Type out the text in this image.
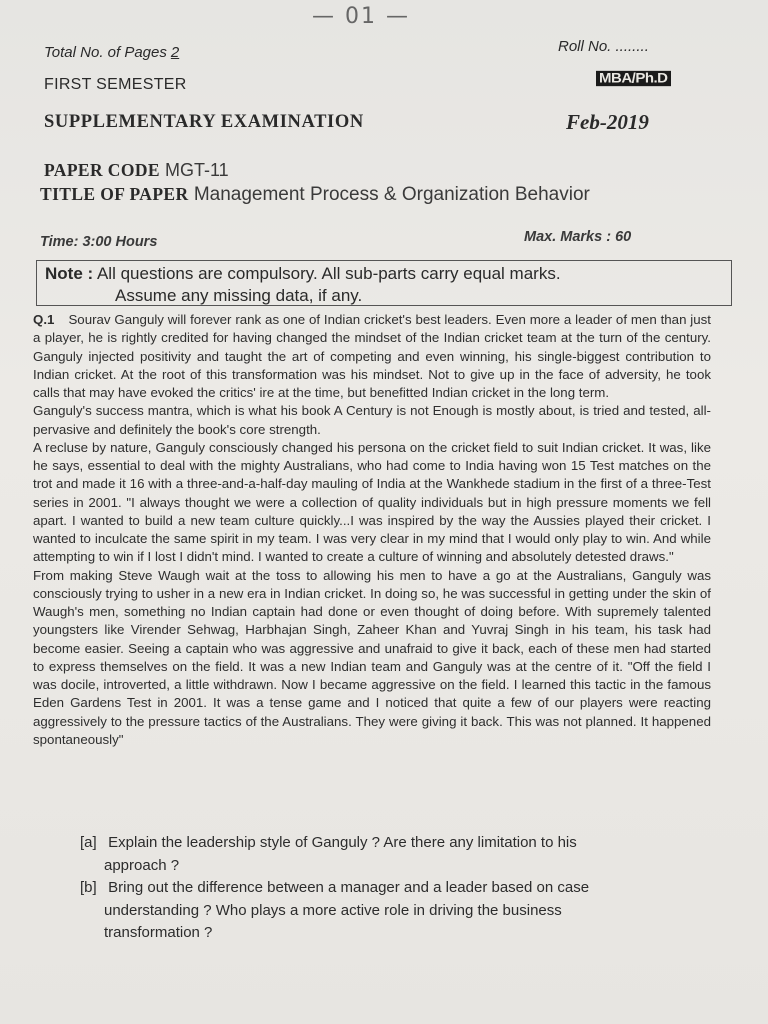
— 01 —
Total No. of Pages 2	Roll No. ........
FIRST SEMESTER	MBA/Ph.D
SUPPLEMENTARY EXAMINATION	Feb-2019
PAPER CODE MGT-11
TITLE OF PAPER Management Process & Organization Behavior
Time: 3:00 Hours	Max. Marks : 60
Note : All questions are compulsory. All sub-parts carry equal marks.
Assume any missing data, if any.

Q.1 Sourav Ganguly will forever rank as one of Indian cricket's best leaders. Even more a leader of men than just a player, he is rightly credited for having changed the mindset of the Indian cricket team at the turn of the century. Ganguly injected positivity and taught the art of competing and even winning, his single-biggest contribution to Indian cricket. At the root of this transformation was his mindset. Not to give up in the face of adversity, he took calls that may have evoked the critics' ire at the time, but benefitted Indian cricket in the long term.

Ganguly's success mantra, which is what his book A Century is not Enough is mostly about, is tried and tested, all-pervasive and definitely the book's core strength.

A recluse by nature, Ganguly consciously changed his persona on the cricket field to suit Indian cricket. It was, like he says, essential to deal with the mighty Australians, who had come to India having won 15 Test matches on the trot and made it 16 with a three-and-a-half-day mauling of India at the Wankhede stadium in the first of a three-Test series in 2001. "I always thought we were a collection of quality individuals but in high pressure moments we fell apart. I wanted to build a new team culture quickly...I was inspired by the way the Aussies played their cricket. I wanted to inculcate the same spirit in my team. I was very clear in my mind that I would only play to win. And while attempting to win if I lost I didn't mind. I wanted to create a culture of winning and absolutely detested draws."

From making Steve Waugh wait at the toss to allowing his men to have a go at the Australians, Ganguly was consciously trying to usher in a new era in Indian cricket. In doing so, he was successful in getting under the skin of Waugh's men, something no Indian captain had done or even thought of doing before. With supremely talented youngsters like Virender Sehwag, Harbhajan Singh, Zaheer Khan and Yuvraj Singh in his team, his task had become easier. Seeing a captain who was aggressive and unafraid to give it back, each of these men had started to express themselves on the field. It was a new Indian team and Ganguly was at the centre of it. "Off the field I was docile, introverted, a little withdrawn. Now I became aggressive on the field. I learned this tactic in the famous Eden Gardens Test in 2001. It was a tense game and I noticed that quite a few of our players were reacting aggressively to the pressure tactics of the Australians. They were giving it back. This was not planned. It happened spontaneously"

[a] Explain the leadership style of Ganguly ? Are there any limitation to his
approach ?
[b] Bring out the difference between a manager and a leader based on case
understanding ? Who plays a more active role in driving the business
transformation ?
